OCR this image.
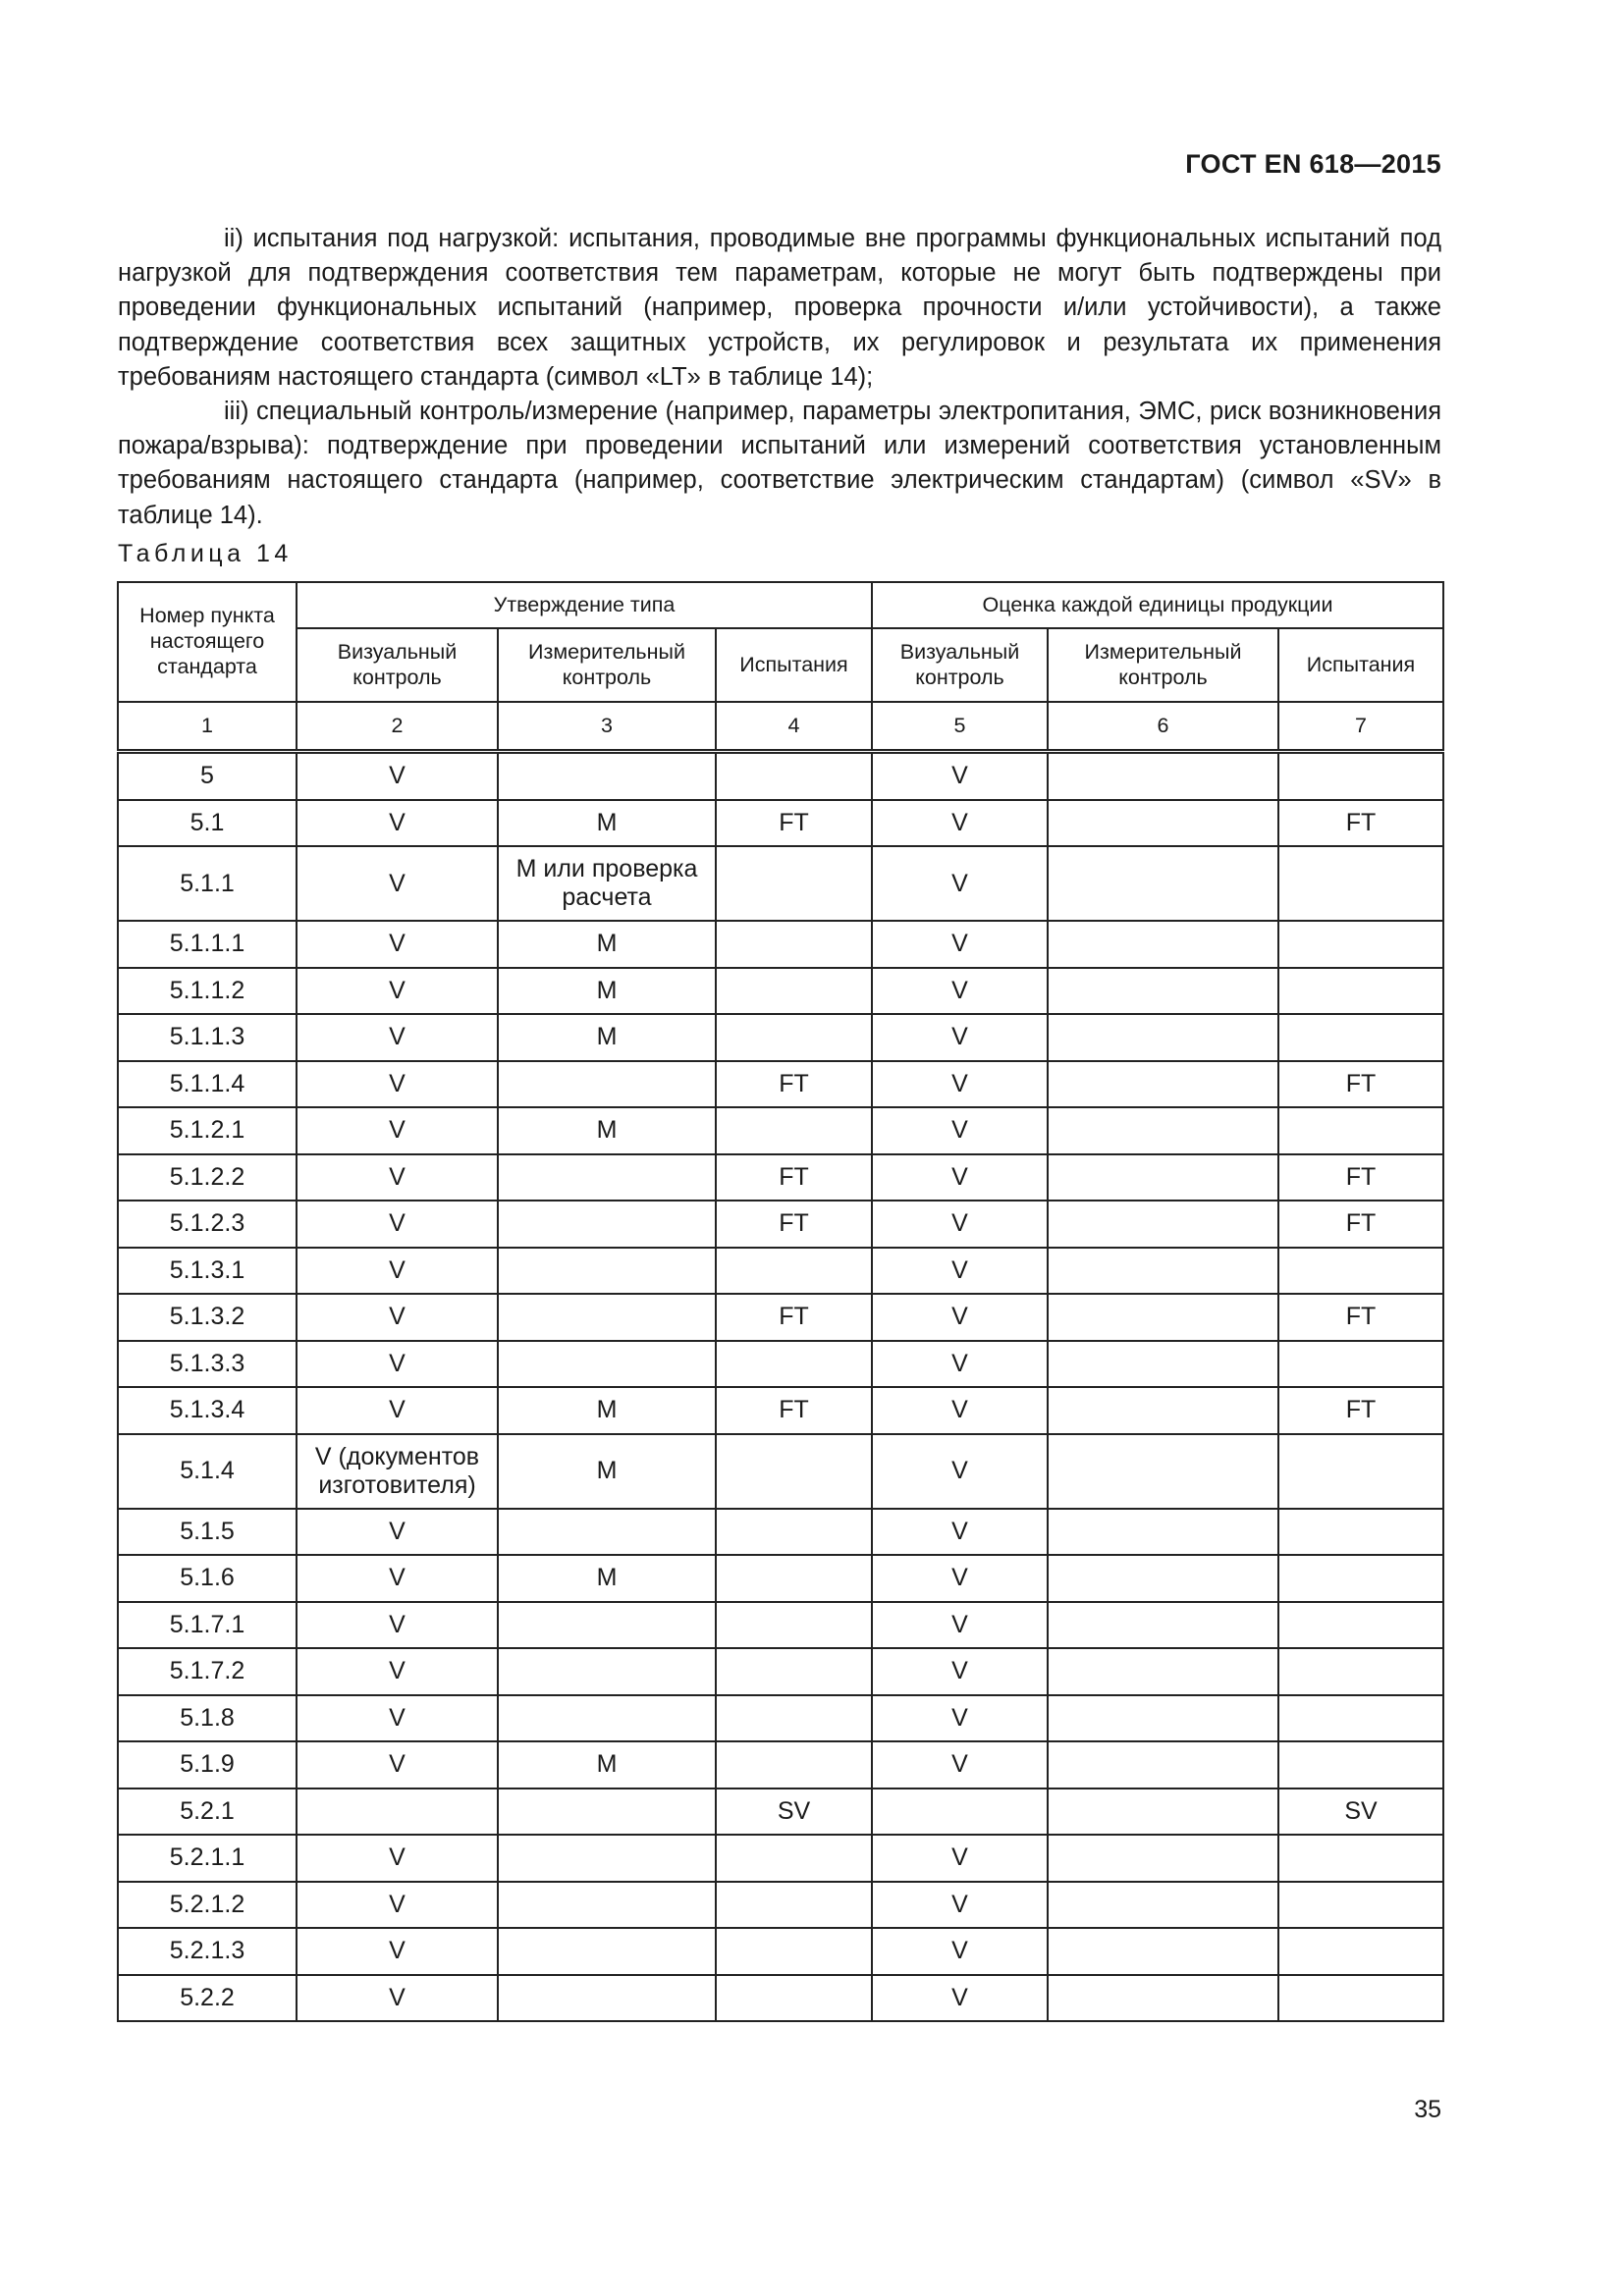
ГОСТ EN 618—2015

ii) испытания под нагрузкой: испытания, проводимые вне программы функциональных испытаний под нагрузкой для подтверждения соответствия тем параметрам, которые не могут быть подтверждены при проведении функциональных испытаний (например, проверка прочности и/или устойчивости), а также подтверждение соответствия всех защитных устройств, их регулировок и результата их применения требованиям настоящего стандарта (символ «LT» в таблице 14);

iii) специальный контроль/измерение (например, параметры электропитания, ЭМС, риск возникновения пожара/взрыва): подтверждение при проведении испытаний или измерений соответствия установленным требованиям настоящего стандарта (например, соответствие электрическим стандартам) (символ «SV» в таблице 14).

Таблица 14
Номер пункта настоящего стандарта	Утверждение типа			Оценка каждой единицы продукции		
	Визуальный контроль	Измерительный контроль	Испытания	Визуальный контроль	Измерительный контроль	Испытания
1	2	3	4	5	6	7
5	V			V		
5.1	V	M	FT	V		FT
5.1.1	V	M или проверка расчета		V		
5.1.1.1	V	M		V		
5.1.1.2	V	M		V		
5.1.1.3	V	M		V		
5.1.1.4	V		FT	V		FT
5.1.2.1	V	M		V		
5.1.2.2	V		FT	V		FT
5.1.2.3	V		FT	V		FT
5.1.3.1	V			V		
5.1.3.2	V		FT	V		FT
5.1.3.3	V			V		
5.1.3.4	V	M	FT	V		FT
5.1.4	V (документов изготовителя)	M		V		
5.1.5	V			V		
5.1.6	V	M		V		
5.1.7.1	V			V		
5.1.7.2	V			V		
5.1.8	V			V		
5.1.9	V	M		V		
5.2.1			SV			SV
5.2.1.1	V			V		
5.2.1.2	V			V		
5.2.1.3	V			V		
5.2.2	V			V		
35
